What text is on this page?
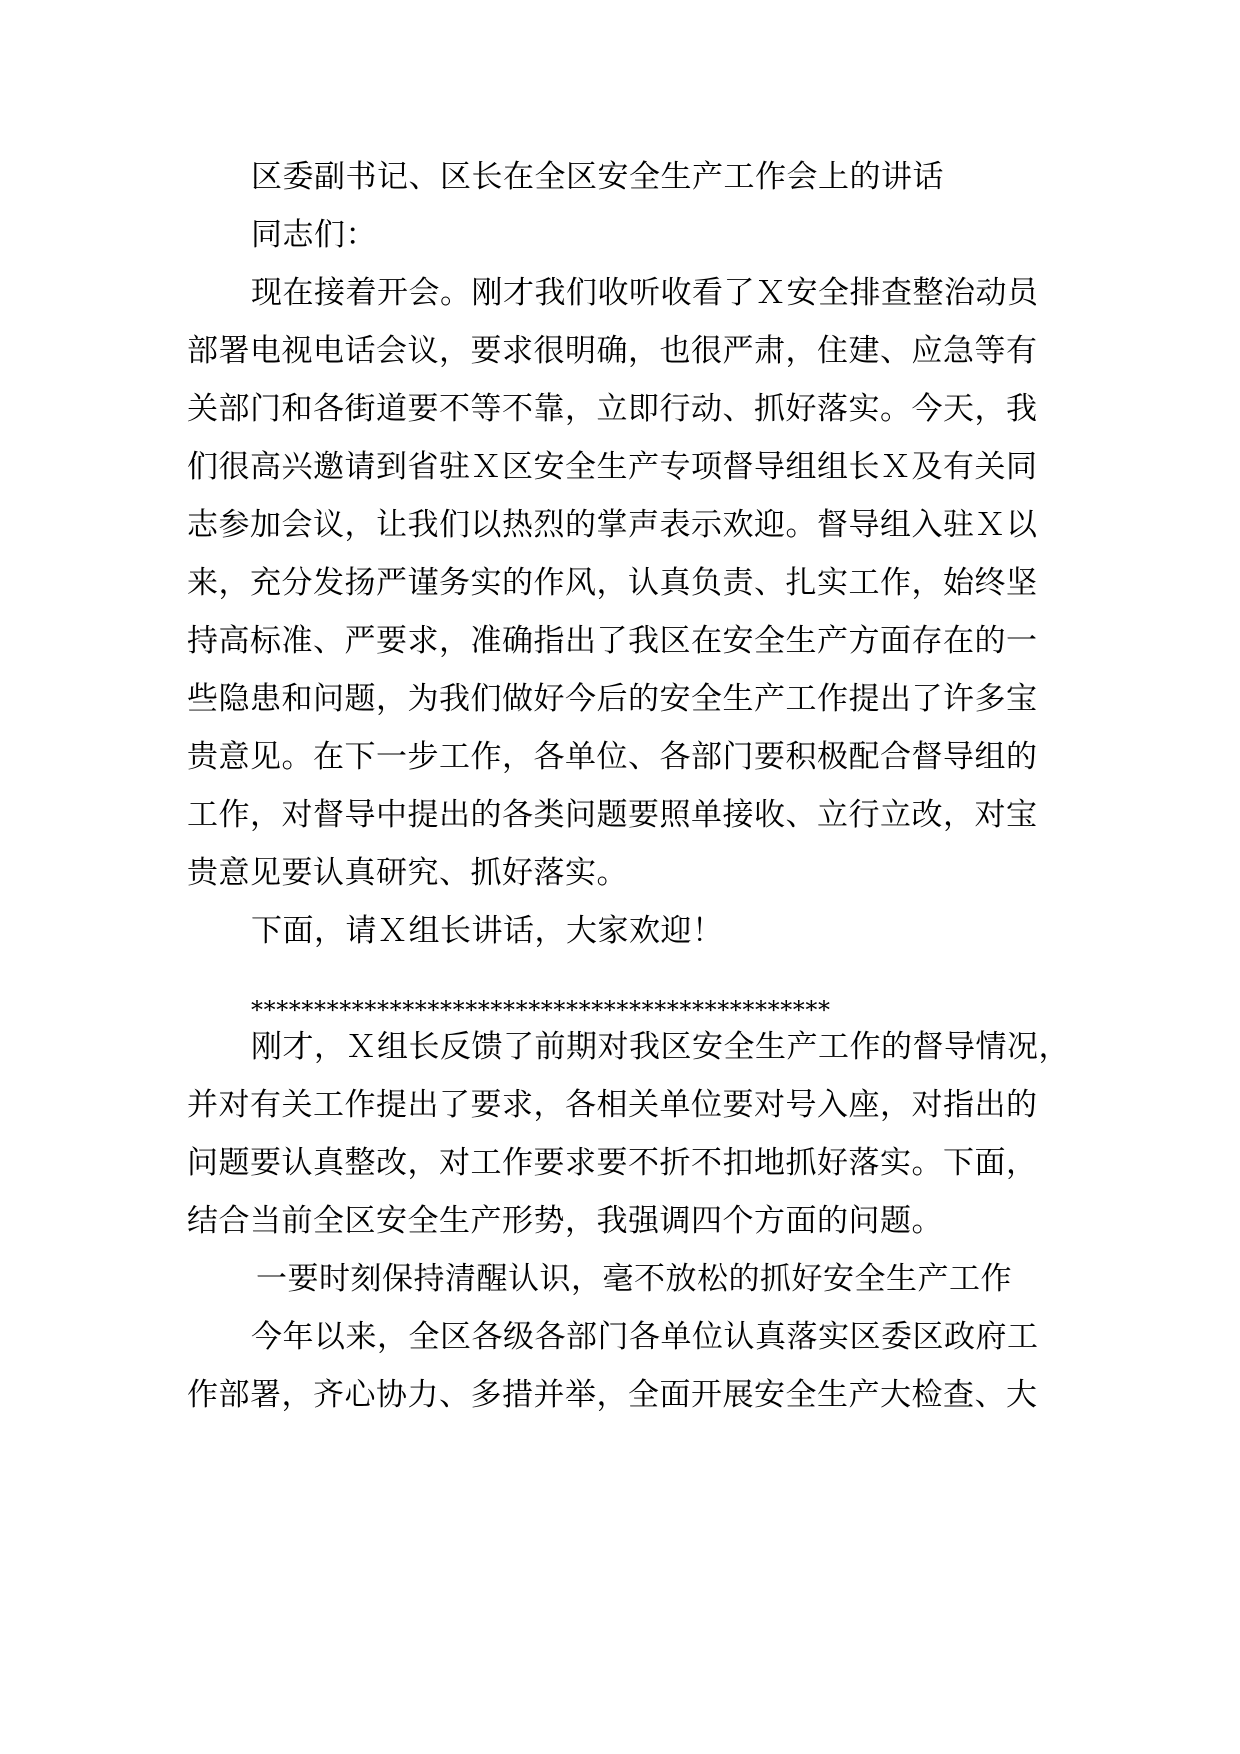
区委副书记、区长在全区安全生产工作会上的讲话

同志们：

现在接着开会。刚才我们收听收看了Ｘ安全排查整治动员

部署电视电话会议，要求很明确，也很严肃，住建、应急等有

关部门和各街道要不等不靠，立即行动、抓好落实。今天，我

们很高兴邀请到省驻Ｘ区安全生产专项督导组组长Ｘ及有关同

志参加会议，让我们以热烈的掌声表示欢迎。督导组入驻Ｘ以

来，充分发扬严谨务实的作风，认真负责、扎实工作，始终坚

持高标准、严要求，准确指出了我区在安全生产方面存在的一

些隐患和问题，为我们做好今后的安全生产工作提出了许多宝

贵意见。在下一步工作，各单位、各部门要积极配合督导组的

工作，对督导中提出的各类问题要照单接收、立行立改，对宝

贵意见要认真研究、抓好落实。

下面，请Ｘ组长讲话，大家欢迎！

**********************************************

刚才，Ｘ组长反馈了前期对我区安全生产工作的督导情况，

并对有关工作提出了要求，各相关单位要对号入座，对指出的

问题要认真整改，对工作要求要不折不扣地抓好落实。下面，

结合当前全区安全生产形势，我强调四个方面的问题。

一要时刻保持清醒认识，毫不放松的抓好安全生产工作

今年以来，全区各级各部门各单位认真落实区委区政府工

作部署，齐心协力、多措并举，全面开展安全生产大检查、大
